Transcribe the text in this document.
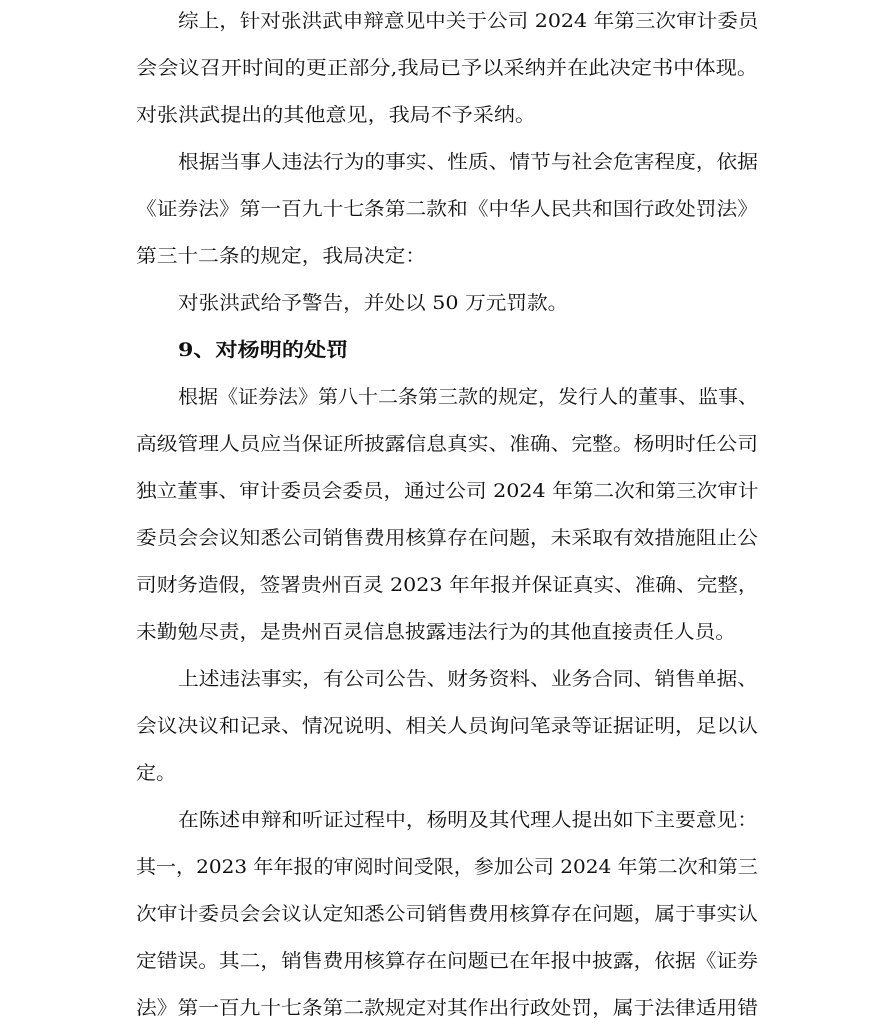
综上，针对张洪武申辩意见中关于公司 2024 年第三次审计委员
会会议召开时间的更正部分,我局已予以采纳并在此决定书中体现。
对张洪武提出的其他意见，我局不予采纳。
根据当事人违法行为的事实、性质、情节与社会危害程度，依据
《证券法》第一百九十七条第二款和《中华人民共和国行政处罚法》
第三十二条的规定，我局决定：
对张洪武给予警告，并处以 50 万元罚款。
9、对杨明的处罚
根据《证券法》第八十二条第三款的规定，发行人的董事、监事、
高级管理人员应当保证所披露信息真实、准确、完整。杨明时任公司
独立董事、审计委员会委员，通过公司 2024 年第二次和第三次审计
委员会会议知悉公司销售费用核算存在问题，未采取有效措施阻止公
司财务造假，签署贵州百灵 2023 年年报并保证真实、准确、完整，
未勤勉尽责，是贵州百灵信息披露违法行为的其他直接责任人员。
上述违法事实，有公司公告、财务资料、业务合同、销售单据、
会议决议和记录、情况说明、相关人员询问笔录等证据证明，足以认
定。
在陈述申辩和听证过程中，杨明及其代理人提出如下主要意见：
其一，2023 年年报的审阅时间受限，参加公司 2024 年第二次和第三
次审计委员会会议认定知悉公司销售费用核算存在问题，属于事实认
定错误。其二，销售费用核算存在问题已在年报中披露，依据《证券
法》第一百九十七条第二款规定对其作出行政处罚，属于法律适用错
